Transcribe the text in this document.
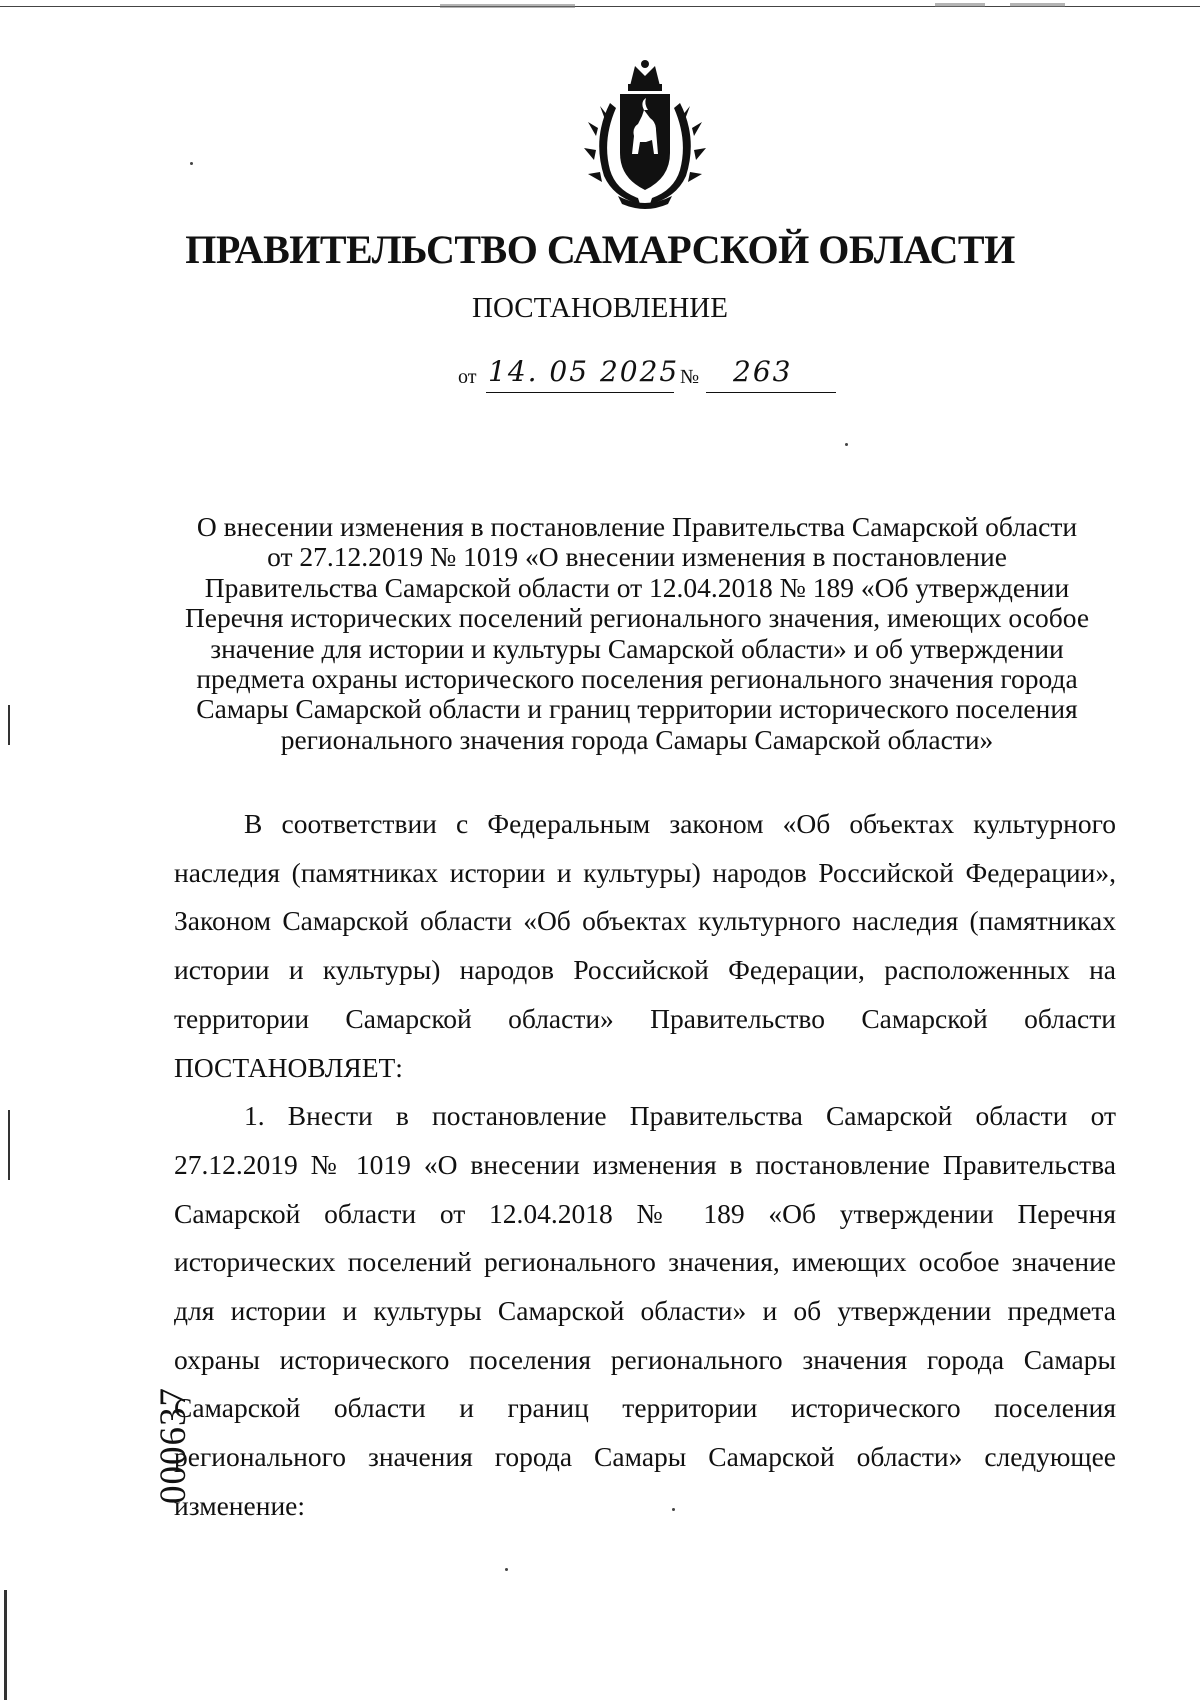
ПРАВИТЕЛЬСТВО САМАРСКОЙ ОБЛАСТИ
ПОСТАНОВЛЕНИЕ
от 14. 05 2025 № 263
О внесении изменения в постановление Правительства Самарской области
от 27.12.2019 № 1019 «О внесении изменения в постановление
Правительства Самарской области от 12.04.2018 № 189 «Об утверждении
Перечня исторических поселений регионального значения, имеющих особое
значение для истории и культуры Самарской области» и об утверждении
предмета охраны исторического поселения регионального значения города
Самары Самарской области и границ территории исторического поселения
регионального значения города Самары Самарской области»

В соответствии с Федеральным законом «Об объектах культурного наследия (памятниках истории и культуры) народов Российской Федерации», Законом Самарской области «Об объектах культурного наследия (памятниках истории и культуры) народов Российской Федерации, расположенных на территории Самарской области» Правительство Самарской области ПОСТАНОВЛЯЕТ:

1. Внести в постановление Правительства Самарской области от 27.12.2019 № 1019 «О внесении изменения в постановление Правительства Самарской области от 12.04.2018 № 189 «Об утверждении Перечня исторических поселений регионального значения, имеющих особое значение для истории и культуры Самарской области» и об утверждении предмета охраны исторического поселения регионального значения города Самары Самарской области и границ территории исторического поселения регионального значения города Самары Самарской области» следующее изменение:

000637
